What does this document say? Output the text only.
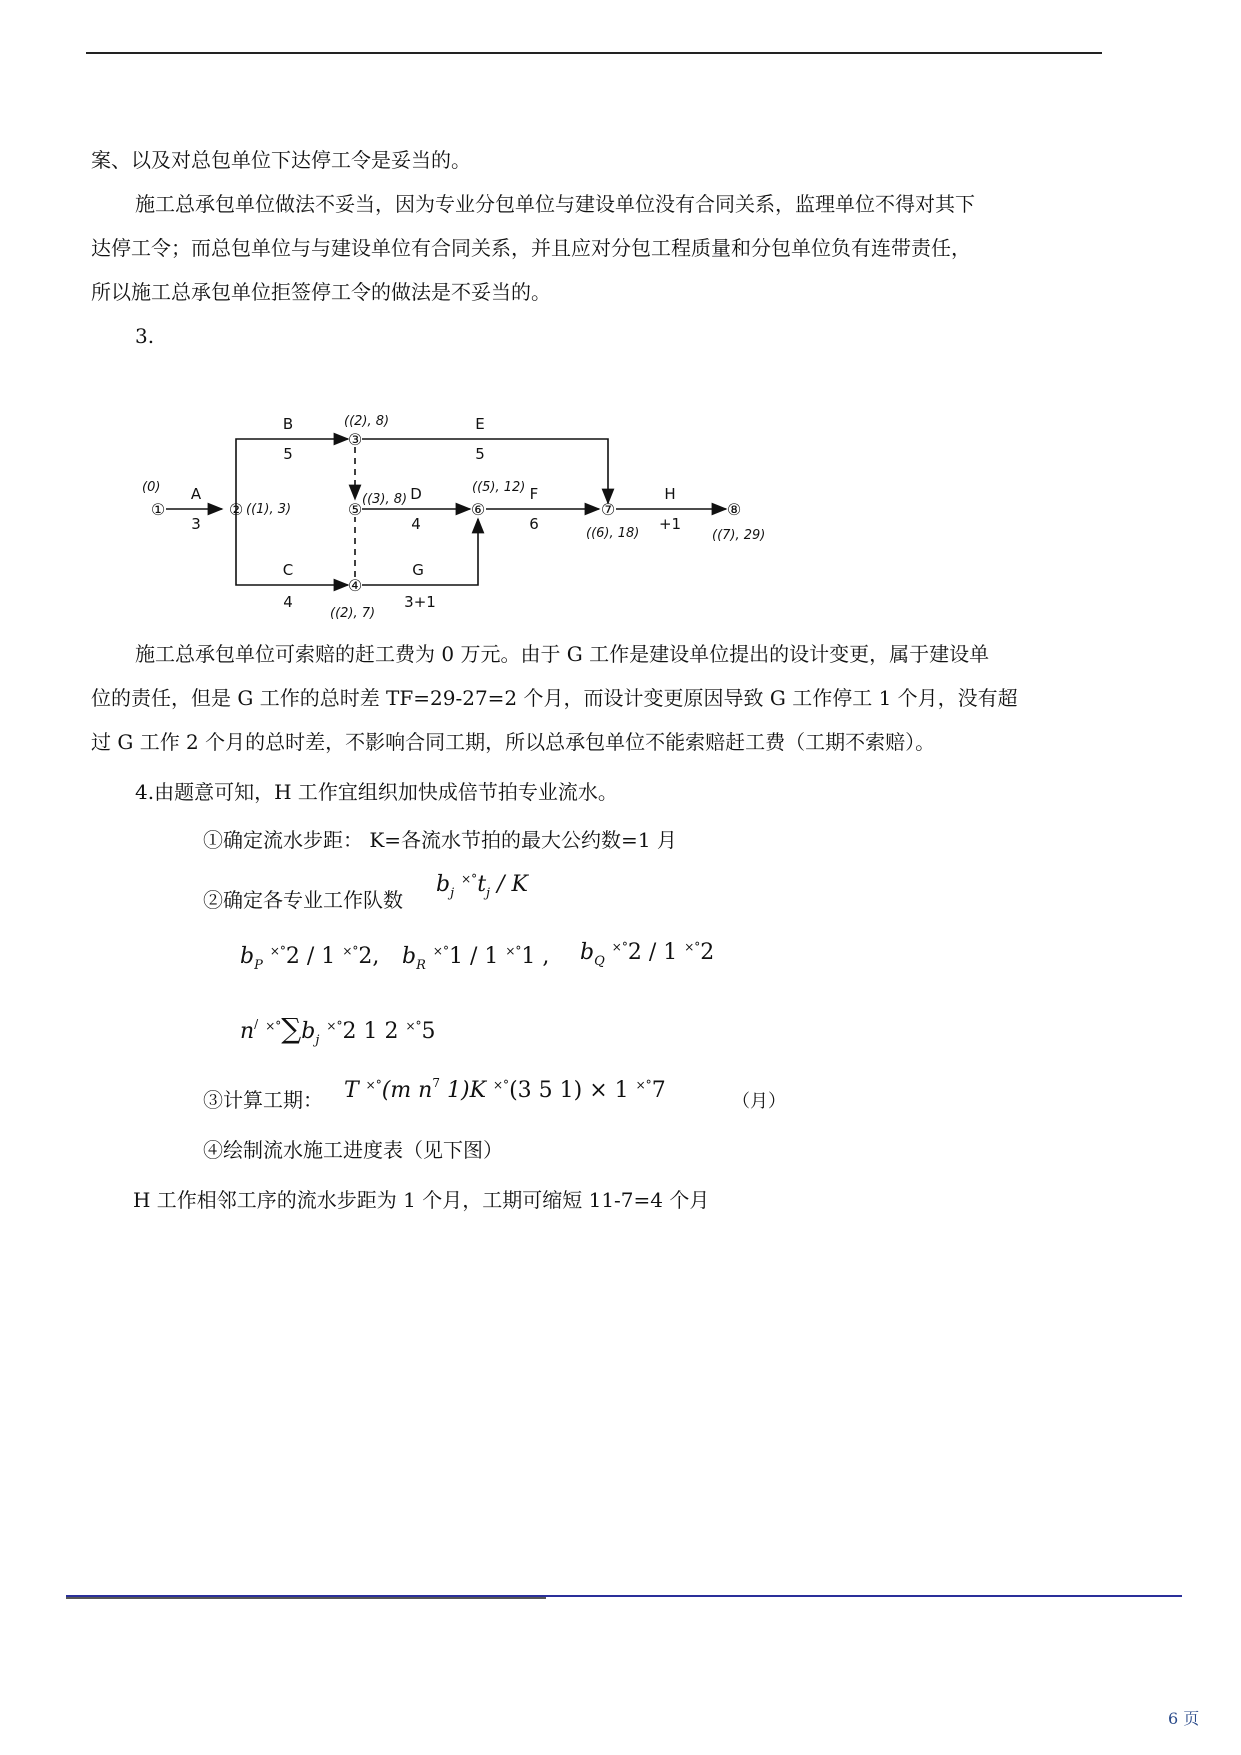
案、以及对总包单位下达停工令是妥当的。
施工总承包单位做法不妥当，因为专业分包单位与建设单位没有合同关系，监理单位不得对其下
达停工令；而总包单位与与建设单位有合同关系，并且应对分包工程质量和分包单位负有连带责任，
所以施工总承包单位拒签停工令的做法是不妥当的。
3.
①	②
③
④
⑤	⑥	⑦	⑧
A
3
B
5
C
4
D
4
E
5
F
6
G
3+1
H
+1
(0)
((1), 3)
((2), 8)
((2), 7)
((3), 8)
((5), 12)
((6), 18)	((7), 29)
施工总承包单位可索赔的赶工费为 0 万元。由于 G 工作是建设单位提出的设计变更，属于建设单
位的责任，但是 G 工作的总时差 TF=29-27=2 个月，而设计变更原因导致 G 工作停工 1 个月，没有超
过 G 工作 2 个月的总时差，不影响合同工期，所以总承包单位不能索赔赶工费（工期不索赔）。
4.由题意可知，H 工作宜组织加快成倍节拍专业流水。
①确定流水步距： K=各流水节拍的最大公约数=1 月
②确定各专业工作队数
$b_j$ $^{\times^\circ}t_j$ / K
$b_P$ ×°2 / 1 ×°2, $b_R$ ×°1 / 1 ×°1 , $b_Q$ ×°2 / 1 ×°2
n/ $^{\times^\circ}\sum b_j$ ×°2 1 2 ×°5
③计算工期： T ×°(m $n^7$ 1)K ×°(3 5 1) × 1 ×°7	（月）
④绘制流水施工进度表（见下图）
H 工作相邻工序的流水步距为 1 个月，工期可缩短 11-7=4 个月
6 页
